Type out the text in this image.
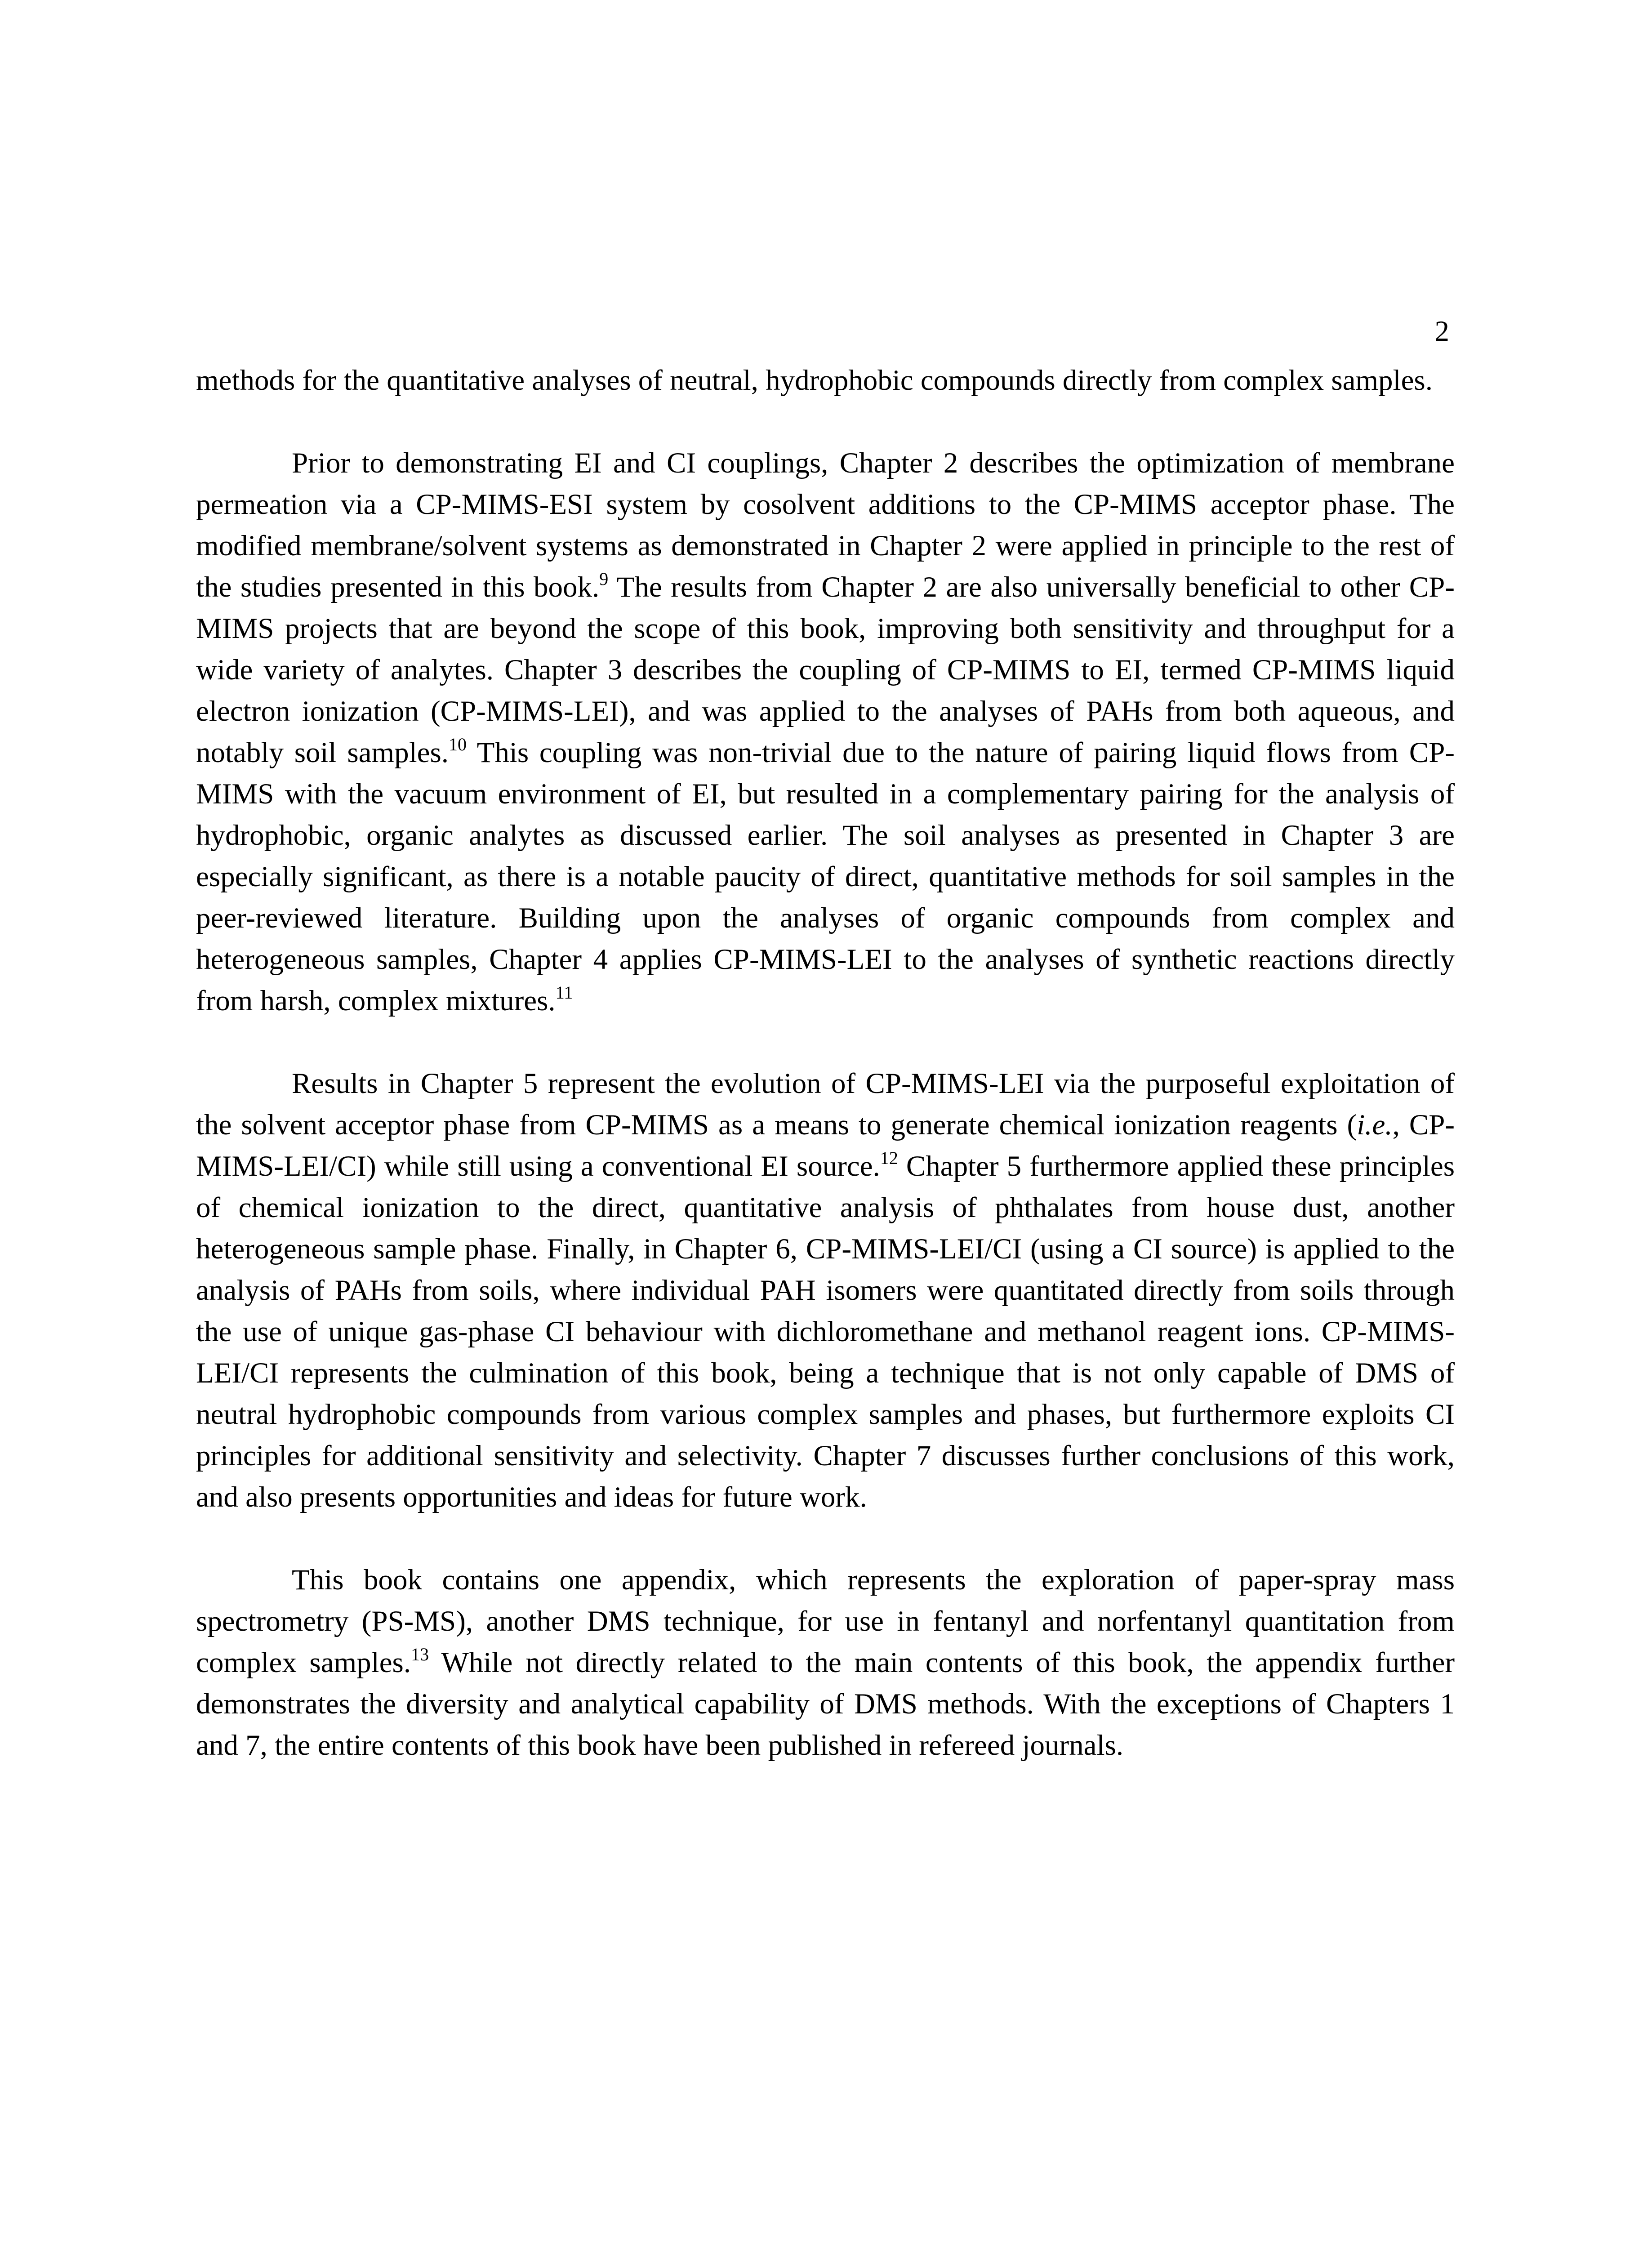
2

methods for the quantitative analyses of neutral, hydrophobic compounds directly from complex samples.

Prior to demonstrating EI and CI couplings, Chapter 2 describes the optimization of membrane permeation via a CP-MIMS-ESI system by cosolvent additions to the CP-MIMS acceptor phase. The modified membrane/solvent systems as demonstrated in Chapter 2 were applied in principle to the rest of the studies presented in this book.$^9$ The results from Chapter 2 are also universally beneficial to other CP-MIMS projects that are beyond the scope of this book, improving both sensitivity and throughput for a wide variety of analytes. Chapter 3 describes the coupling of CP-MIMS to EI, termed CP-MIMS liquid electron ionization (CP-MIMS-LEI), and was applied to the analyses of PAHs from both aqueous, and notably soil samples.$^{10}$ This coupling was non-trivial due to the nature of pairing liquid flows from CP-MIMS with the vacuum environment of EI, but resulted in a complementary pairing for the analysis of hydrophobic, organic analytes as discussed earlier. The soil analyses as presented in Chapter 3 are especially significant, as there is a notable paucity of direct, quantitative methods for soil samples in the peer-reviewed literature. Building upon the analyses of organic compounds from complex and heterogeneous samples, Chapter 4 applies CP-MIMS-LEI to the analyses of synthetic reactions directly from harsh, complex mixtures.$^{11}$

Results in Chapter 5 represent the evolution of CP-MIMS-LEI via the purposeful exploitation of the solvent acceptor phase from CP-MIMS as a means to generate chemical ionization reagents (i.e., CP-MIMS-LEI/CI) while still using a conventional EI source.$^{12}$ Chapter 5 furthermore applied these principles of chemical ionization to the direct, quantitative analysis of phthalates from house dust, another heterogeneous sample phase. Finally, in Chapter 6, CP-MIMS-LEI/CI (using a CI source) is applied to the analysis of PAHs from soils, where individual PAH isomers were quantitated directly from soils through the use of unique gas-phase CI behaviour with dichloromethane and methanol reagent ions. CP-MIMS-LEI/CI represents the culmination of this book, being a technique that is not only capable of DMS of neutral hydrophobic compounds from various complex samples and phases, but furthermore exploits CI principles for additional sensitivity and selectivity. Chapter 7 discusses further conclusions of this work, and also presents opportunities and ideas for future work.

This book contains one appendix, which represents the exploration of paper-spray mass spectrometry (PS-MS), another DMS technique, for use in fentanyl and norfentanyl quantitation from complex samples.$^{13}$ While not directly related to the main contents of this book, the appendix further demonstrates the diversity and analytical capability of DMS methods. With the exceptions of Chapters 1 and 7, the entire contents of this book have been published in refereed journals.
